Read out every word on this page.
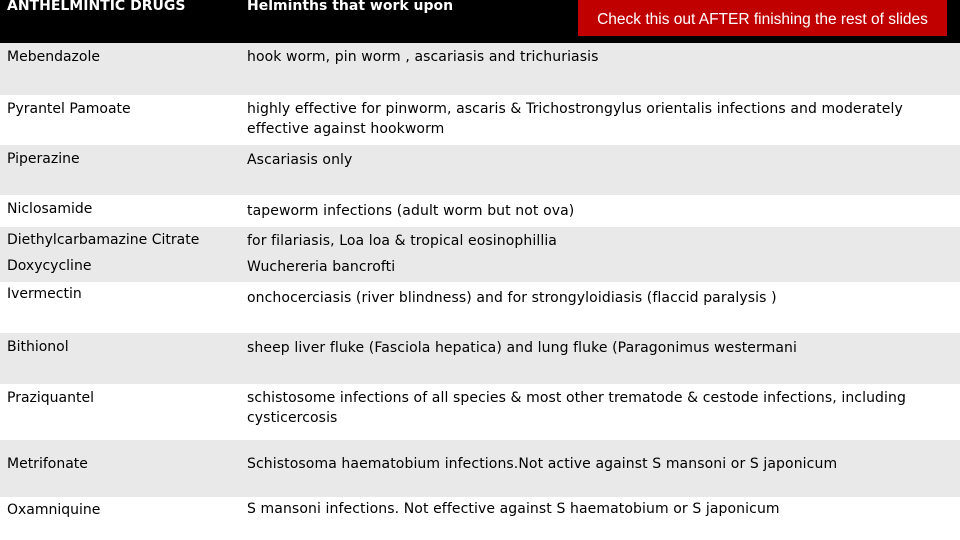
ANTHELMINTIC DRUGS	Helminths that work upon
Mebendazole	hook worm, pin worm , ascariasis and trichuriasis
Pyrantel Pamoate	highly effective for pinworm, ascaris & Trichostrongylus orientalis infections and moderately effective against hookworm
Piperazine	Ascariasis only
Niclosamide	tapeworm infections (adult worm but not ova)
Diethylcarbamazine Citrate	for filariasis, Loa loa & tropical eosinophillia
Doxycycline	Wuchereria bancrofti
Ivermectin	onchocerciasis (river blindness) and for strongyloidiasis (flaccid paralysis )
Bithionol	sheep liver fluke (Fasciola hepatica) and lung fluke (Paragonimus westermani
Praziquantel	schistosome infections of all species & most other trematode & cestode infections, including cysticercosis
Metrifonate	Schistosoma haematobium infections.Not active against S mansoni or S japonicum
Oxamniquine	S mansoni infections. Not effective against S haematobium or S japonicum
Check this out AFTER finishing the rest of slides
